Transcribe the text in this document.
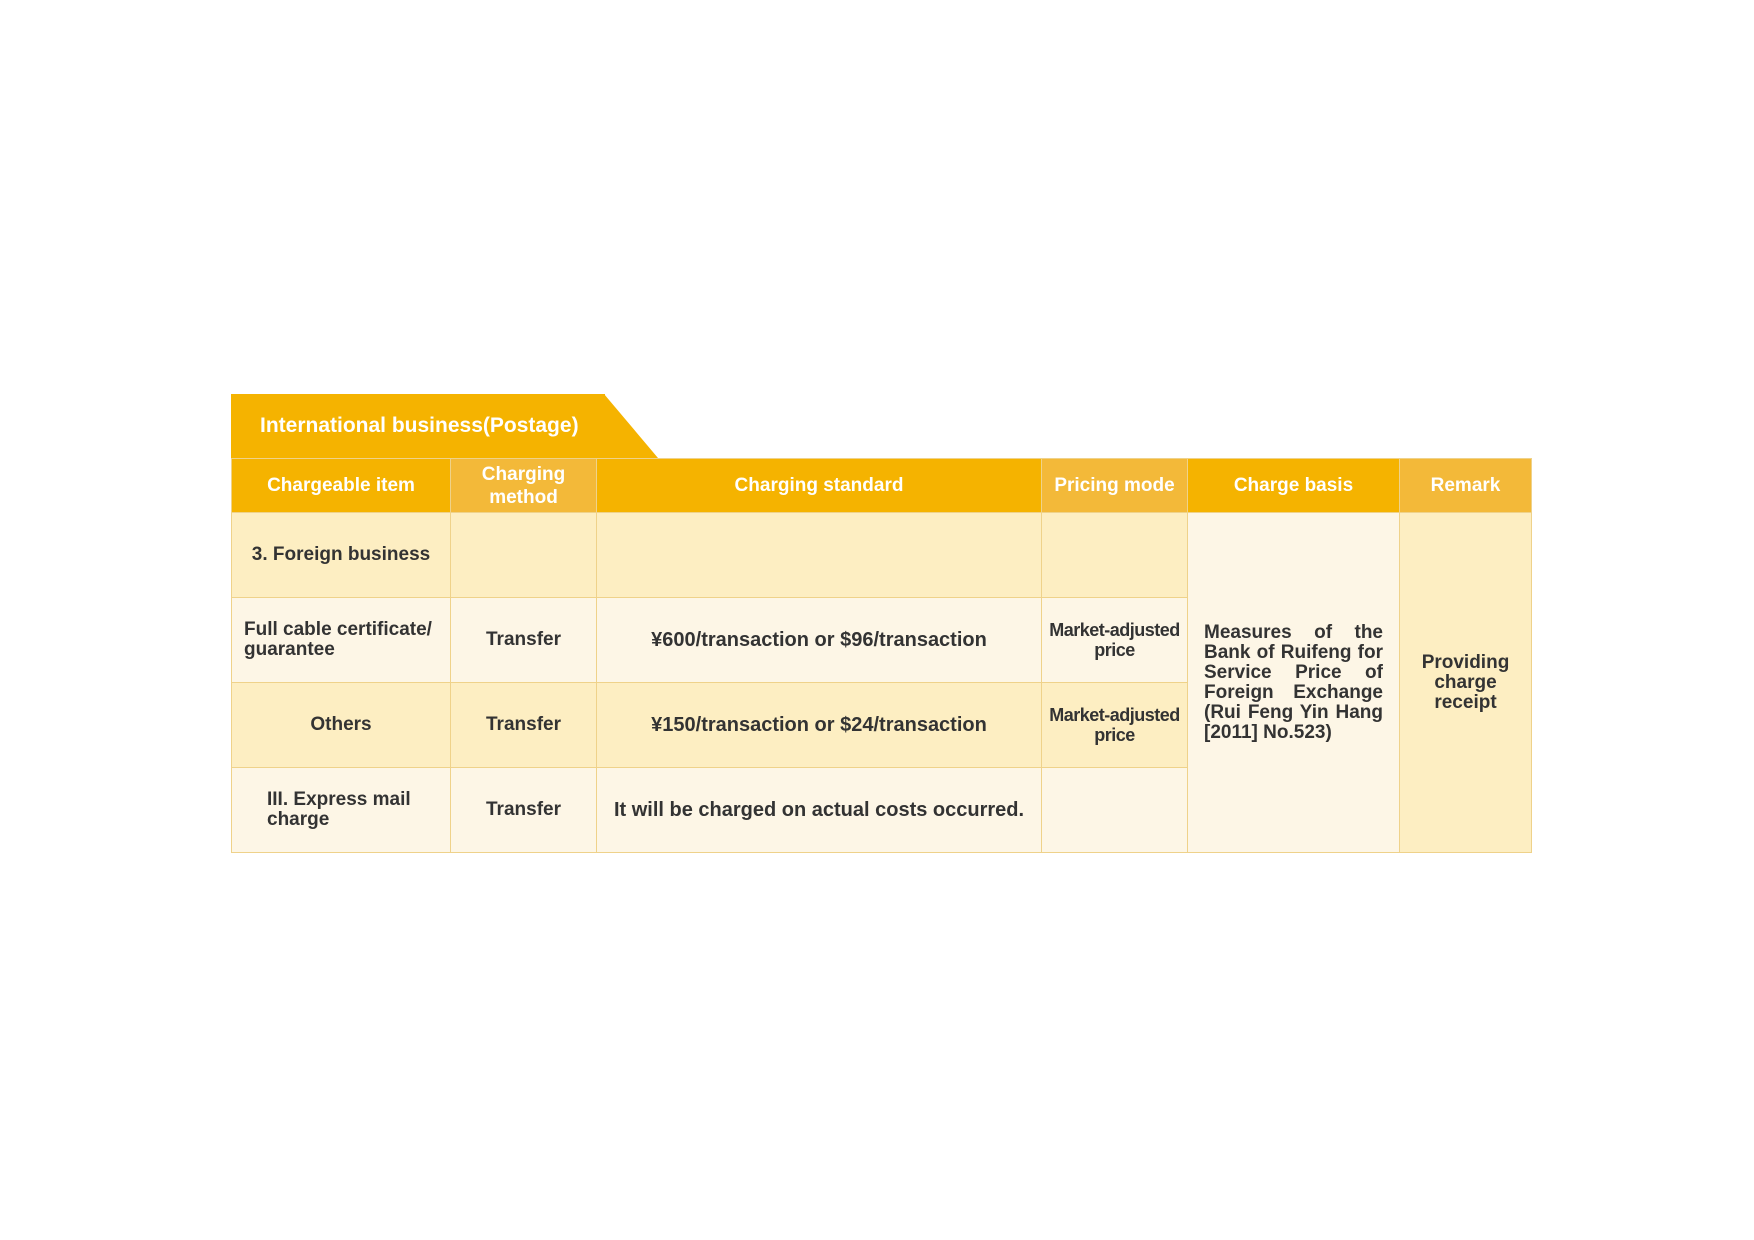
International business(Postage)
Chargeable item	Charging method	Charging standard	Pricing mode	Charge basis	Remark
3. Foreign business				Measures of the Bank of Ruifeng for Service Price of Foreign Exchange (Rui Feng Yin Hang [2011] No.523)	Providing charge receipt
Full cable certificate/ guarantee	Transfer	¥600/transaction or $96/transaction	Market-adjusted price		
Others	Transfer	¥150/transaction or $24/transaction	Market-adjusted price		
III. Express mail charge	Transfer	It will be charged on actual costs occurred.			
